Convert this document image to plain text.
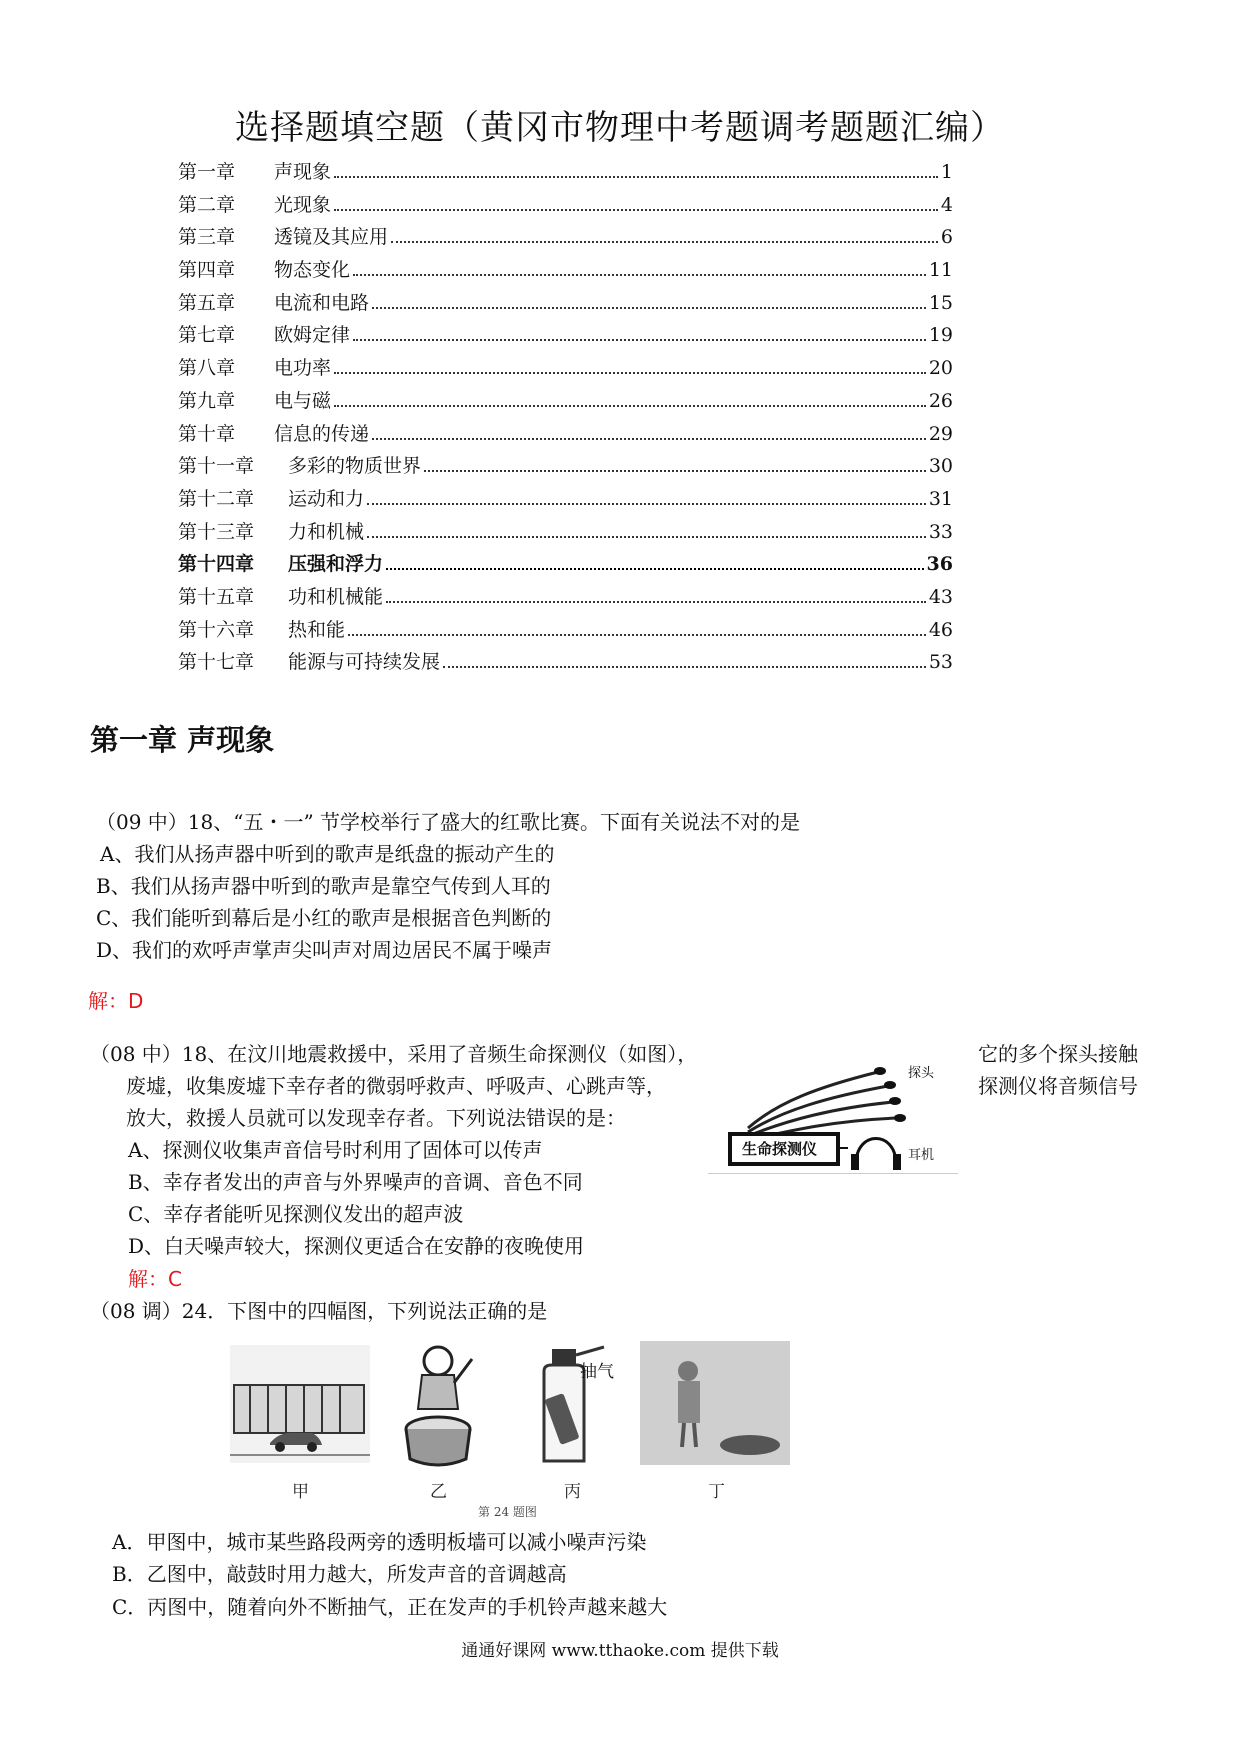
选择题填空题（黄冈市物理中考题调考题题汇编）
第一章	声现象	1
第二章	光现象	4
第三章	透镜及其应用	6
第四章	物态变化	11
第五章	电流和电路	15
第七章	欧姆定律	19
第八章	电功率	20
第九章	电与磁	26
第十章	信息的传递	29
第十一章	多彩的物质世界	30
第十二章	运动和力	31
第十三章	力和机械	33
第十四章	压强和浮力	36
第十五章	功和机械能	43
第十六章	热和能	46
第十七章	能源与可持续发展	53
第一章 声现象
（09 中）18、“五・一” 节学校举行了盛大的红歌比赛。下面有关说法不对的是
A、我们从扬声器中听到的歌声是纸盘的振动产生的
B、我们从扬声器中听到的歌声是靠空气传到人耳的
C、我们能听到幕后是小红的歌声是根据音色判断的
D、我们的欢呼声掌声尖叫声对周边居民不属于噪声
解：D
（08 中）18、在汶川地震救援中，采用了音频生命探测仪（如图），	它的多个探头接触
废墟，收集废墟下幸存者的微弱呼救声、呼吸声、心跳声等，	探测仪将音频信号
放大，救援人员就可以发现幸存者。下列说法错误的是：
A、探测仪收集声音信号时利用了固体可以传声
B、幸存者发出的声音与外界噪声的音调、音色不同
C、幸存者能听见探测仪发出的超声波
D、白天噪声较大，探测仪更适合在安静的夜晚使用
解：C
生命探测仪
探头
耳机
（08 调）24．下图中的四幅图，下列说法正确的是
抽气
甲	乙	丙	丁
第 24 题图
A．甲图中，城市某些路段两旁的透明板墙可以减小噪声污染
B．乙图中，敲鼓时用力越大，所发声音的音调越高
C．丙图中，随着向外不断抽气，正在发声的手机铃声越来越大
通通好课网 www.tthaoke.com 提供下载
